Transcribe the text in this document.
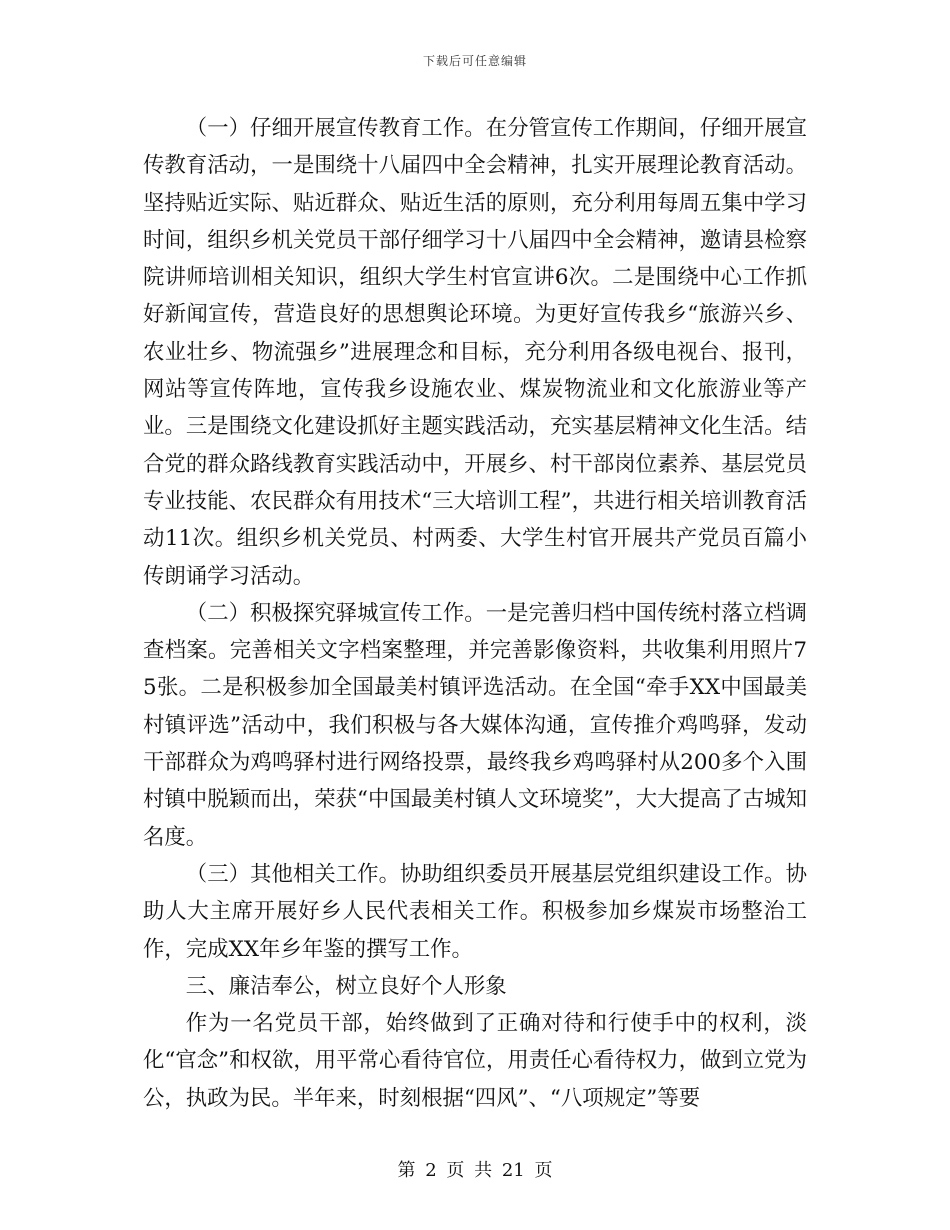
下载后可任意编辑

（一）仔细开展宣传教育工作。在分管宣传工作期间，仔细开展宣传教育活动，一是围绕十八届四中全会精神，扎实开展理论教育活动。坚持贴近实际、贴近群众、贴近生活的原则，充分利用每周五集中学习时间，组织乡机关党员干部仔细学习十八届四中全会精神，邀请县检察院讲师培训相关知识，组织大学生村官宣讲6次。二是围绕中心工作抓好新闻宣传，营造良好的思想舆论环境。为更好宣传我乡“旅游兴乡、农业壮乡、物流强乡”进展理念和目标，充分利用各级电视台、报刊，网站等宣传阵地，宣传我乡设施农业、煤炭物流业和文化旅游业等产业。三是围绕文化建设抓好主题实践活动，充实基层精神文化生活。结合党的群众路线教育实践活动中，开展乡、村干部岗位素养、基层党员专业技能、农民群众有用技术“三大培训工程”，共进行相关培训教育活动11次。组织乡机关党员、村两委、大学生村官开展共产党员百篇小传朗诵学习活动。

（二）积极探究驿城宣传工作。一是完善归档中国传统村落立档调查档案。完善相关文字档案整理，并完善影像资料，共收集利用照片75张。二是积极参加全国最美村镇评选活动。在全国“牵手XX中国最美村镇评选”活动中，我们积极与各大媒体沟通，宣传推介鸡鸣驿，发动干部群众为鸡鸣驿村进行网络投票，最终我乡鸡鸣驿村从200多个入围村镇中脱颖而出，荣获“中国最美村镇人文环境奖”，大大提高了古城知名度。

（三）其他相关工作。协助组织委员开展基层党组织建设工作。协助人大主席开展好乡人民代表相关工作。积极参加乡煤炭市场整治工作，完成XX年乡年鉴的撰写工作。

三、廉洁奉公，树立良好个人形象

作为一名党员干部，始终做到了正确对待和行使手中的权利，淡化“官念”和权欲，用平常心看待官位，用责任心看待权力，做到立党为公，执政为民。半年来，时刻根据“四风”、“八项规定”等要

第 2 页 共 21 页
